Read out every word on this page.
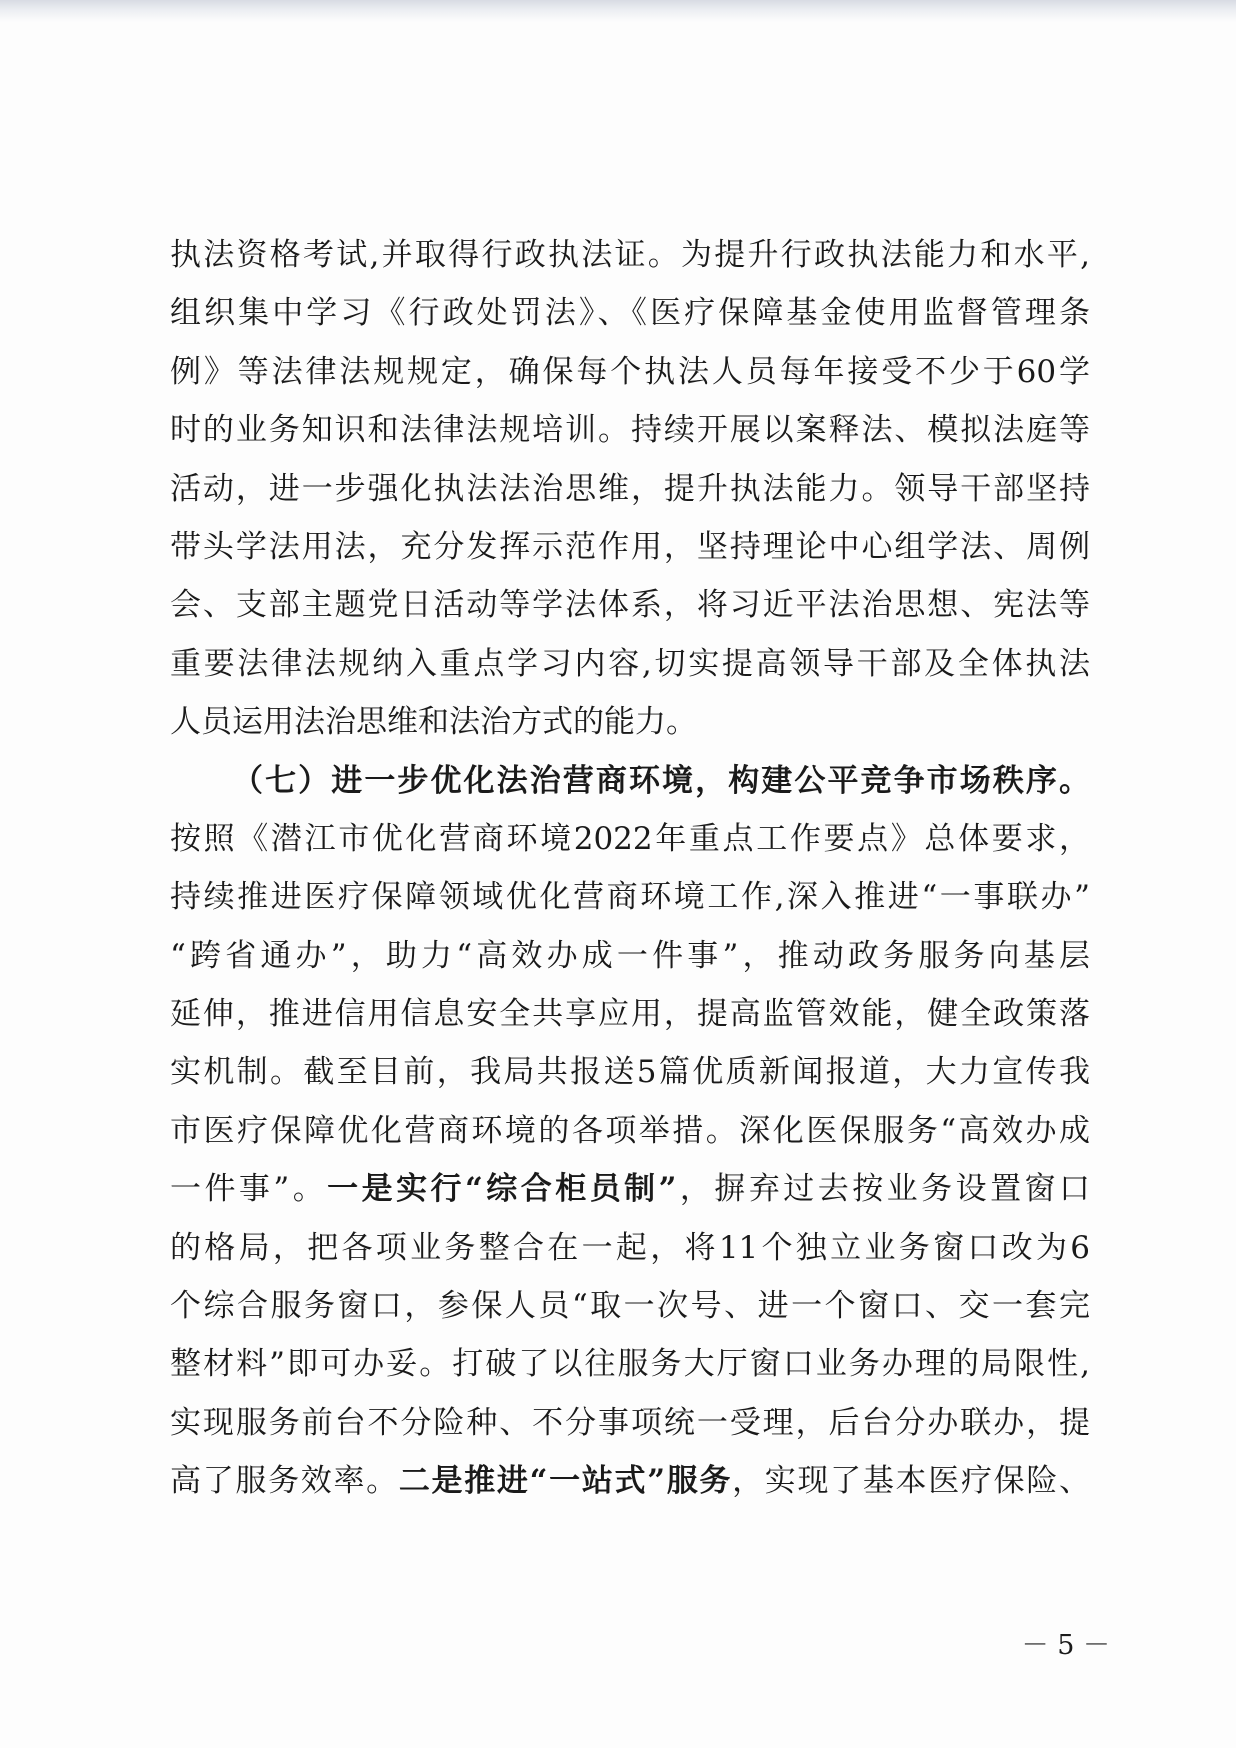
执法资格考试,并取得行政执法证。为提升行政执法能力和水平,
组织集中学习《行政处罚法》、《医疗保障基金使用监督管理条
例》等法律法规规定，确保每个执法人员每年接受不少于60学
时的业务知识和法律法规培训。持续开展以案释法、模拟法庭等
活动，进一步强化执法法治思维，提升执法能力。领导干部坚持
带头学法用法，充分发挥示范作用，坚持理论中心组学法、周例
会、支部主题党日活动等学法体系，将习近平法治思想、宪法等
重要法律法规纳入重点学习内容,切实提高领导干部及全体执法
人员运用法治思维和法治方式的能力。
（七）进一步优化法治营商环境，构建公平竞争市场秩序。
按照《潜江市优化营商环境2022年重点工作要点》总体要求，
持续推进医疗保障领域优化营商环境工作,深入推进“一事联办”
“跨省通办”，助力“高效办成一件事”，推动政务服务向基层
延伸，推进信用信息安全共享应用，提高监管效能，健全政策落
实机制。截至目前，我局共报送5篇优质新闻报道，大力宣传我
市医疗保障优化营商环境的各项举措。深化医保服务“高效办成
一件事”。一是实行“综合柜员制”，摒弃过去按业务设置窗口
的格局，把各项业务整合在一起，将11个独立业务窗口改为6
个综合服务窗口，参保人员“取一次号、进一个窗口、交一套完
整材料”即可办妥。打破了以往服务大厅窗口业务办理的局限性,
实现服务前台不分险种、不分事项统一受理，后台分办联办，提
高了服务效率。二是推进“一站式”服务，实现了基本医疗保险、
－ 5 －
